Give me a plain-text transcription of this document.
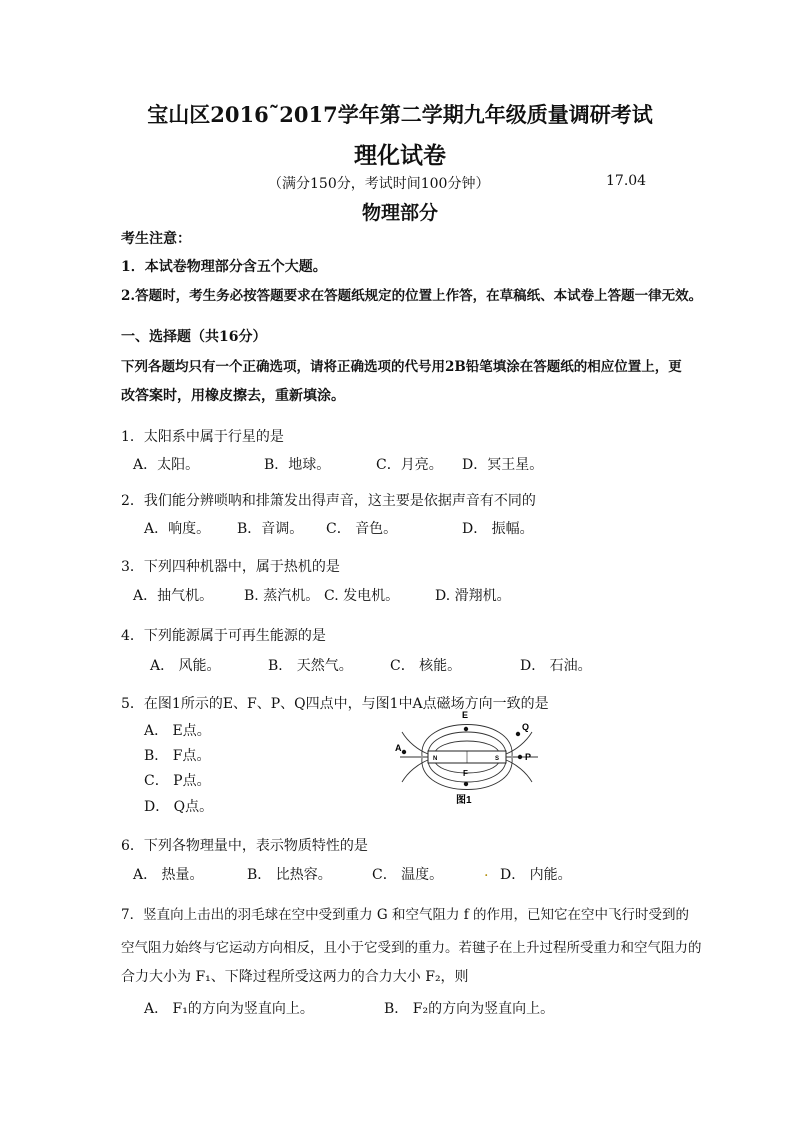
宝山区2016˜2017学年第二学期九年级质量调研考试
理化试卷
（满分150分，考试时间100分钟）	17.04
物理部分
考生注意：
1．本试卷物理部分含五个大题。
2.答题时，考生务必按答题要求在答题纸规定的位置上作答，在草稿纸、本试卷上答题一律无效。
一、选择题（共16分）
下列各题均只有一个正确选项，请将正确选项的代号用2B铅笔填涂在答题纸的相应位置上，更
改答案时，用橡皮擦去，重新填涂。
1．太阳系中属于行星的是
A．太阳。	B．地球。	C．月亮。 D．冥王星。
2．我们能分辨唢呐和排箫发出得声音，这主要是依据声音有不同的
A．响度。 B．音调。 C． 音色。	D． 振幅。
3．下列四种机器中，属于热机的是
A．抽气机。 B. 蒸汽机。 C. 发电机。	D. 滑翔机。
4．下列能源属于可再生能源的是
A． 风能。	B． 天然气。	C． 核能。	D． 石油。
5．在图1所示的E、F、P、Q四点中，与图1中A点磁场方向一致的是
A． E点。
B． F点。
C． P点。
D． Q点。
E
F
Q
P
A
N	S
图1
6．下列各物理量中，表示物质特性的是
A． 热量。	B． 比热容。	C． 温度。	. D． 内能。
7．竖直向上击出的羽毛球在空中受到重力 G 和空气阻力 f 的作用，已知它在空中飞行时受到的
空气阻力始终与它运动方向相反，且小于它受到的重力。若毽子在上升过程所受重力和空气阻力的
合力大小为 F₁、下降过程所受这两力的合力大小 F₂，则
A． F₁的方向为竖直向上。	B． F₂的方向为竖直向上。
